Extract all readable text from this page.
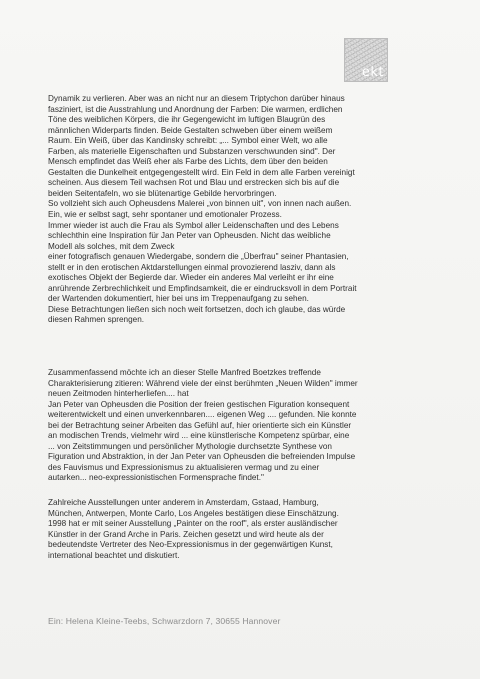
ekt
Dynamik zu verlieren. Aber was an nicht nur an diesem Triptychon darüber hinaus
fasziniert, ist die Ausstrahlung und Anordnung der Farben: Die warmen, erdlichen
Töne des weiblichen Körpers, die ihr Gegengewicht im luftigen Blaugrün des
männlichen Widerparts finden. Beide Gestalten schweben über einem weißem
Raum. Ein Weiß, über das Kandinsky schreibt: „... Symbol einer Welt, wo alle
Farben, als materielle Eigenschaften und Substanzen verschwunden sind". Der
Mensch empfindet das Weiß eher als Farbe des Lichts, dem über den beiden
Gestalten die Dunkelheit entgegengestellt wird. Ein Feld in dem alle Farben vereinigt
scheinen. Aus diesem Teil wachsen Rot und Blau und erstrecken sich bis auf die
beiden Seitentafeln, wo sie blütenartige Gebilde hervorbringen.
So vollzieht sich auch Opheusdens Malerei „von binnen uit", von innen nach außen.
Ein, wie er selbst sagt, sehr spontaner und emotionaler Prozess.
Immer wieder ist auch die Frau als Symbol aller Leidenschaften und des Lebens
schlechthin eine Inspiration für Jan Peter van Opheusden. Nicht das weibliche
Modell als solches, mit dem Zweck
einer fotografisch genauen Wiedergabe, sondern die „Überfrau" seiner Phantasien,
stellt er in den erotischen Aktdarstellungen einmal provozierend lasziv, dann als
exotisches Objekt der Begierde dar. Wieder ein anderes Mal verleiht er ihr eine
anrührende Zerbrechlichkeit und Empfindsamkeit, die er eindrucksvoll in dem Portrait
der Wartenden dokumentiert, hier bei uns im Treppenaufgang zu sehen.
Diese Betrachtungen ließen sich noch weit fortsetzen, doch ich glaube, das würde
diesen Rahmen sprengen.
Zusammenfassend möchte ich an dieser Stelle Manfred Boetzkes treffende
Charakterisierung zitieren: Während viele der einst berühmten „Neuen Wilden" immer
neuen Zeitmoden hinterherliefen.... hat
Jan Peter van Opheusden die Position der freien gestischen Figuration konsequent
weiterentwickelt und einen unverkennbaren.... eigenen Weg .... gefunden. Nie konnte
bei der Betrachtung seiner Arbeiten das Gefühl auf, hier orientierte sich ein Künstler
an modischen Trends, vielmehr wird ... eine künstlerische Kompetenz spürbar, eine
... von Zeitstimmungen und persönlicher Mythologie durchsetzte Synthese von
Figuration und Abstraktion, in der Jan Peter van Opheusden die befreienden Impulse
des Fauvismus und Expressionismus zu aktualisieren vermag und zu einer
autarken... neo-expressionistischen Formensprache findet."
Zahlreiche Ausstellungen unter anderem in Amsterdam, Gstaad, Hamburg,
München, Antwerpen, Monte Carlo, Los Angeles bestätigen diese Einschätzung.
1998 hat er mit seiner Ausstellung „Painter on the roof", als erster ausländischer
Künstler in der Grand Arche in Paris. Zeichen gesetzt und wird heute als der
bedeutendste Vertreter des Neo-Expressionismus in der gegenwärtigen Kunst,
international beachtet und diskutiert.
Ein: Helena Kleine-Teebs, Schwarzdorn 7, 30655 Hannover
